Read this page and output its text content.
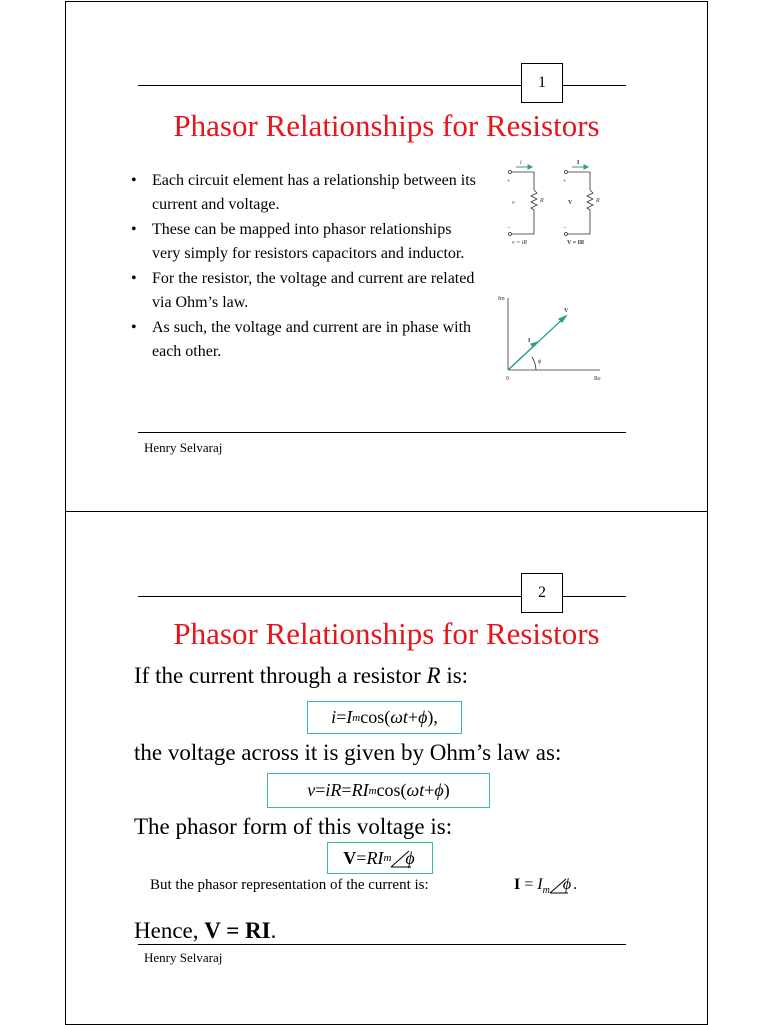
1
Phasor Relationships for Resistors
• Each circuit element has a relationship between its current and voltage.
• These can be mapped into phasor relationships very simply for resistors capacitors and inductor.
• For the resistor, the voltage and current are related via Ohm’s law.
• As such, the voltage and current are in phase with each other.
i	I
+	+
−	−
v	V
R	R
v = iR	V = IR
Im
Re
0
V
I
ϕ
Henry Selvaraj
2
Phasor Relationships for Resistors
If the current through a resistor R is:
i = I m cos( ωt + ϕ ),
the voltage across it is given by Ohm’s law as:
v = i R = RI m cos( ωt + ϕ )
The phasor form of this voltage is:
V = RI m ϕ
But the phasor representation of the current is:	$I = I_m$ ϕ .
Hence, V = RI.
Henry Selvaraj
